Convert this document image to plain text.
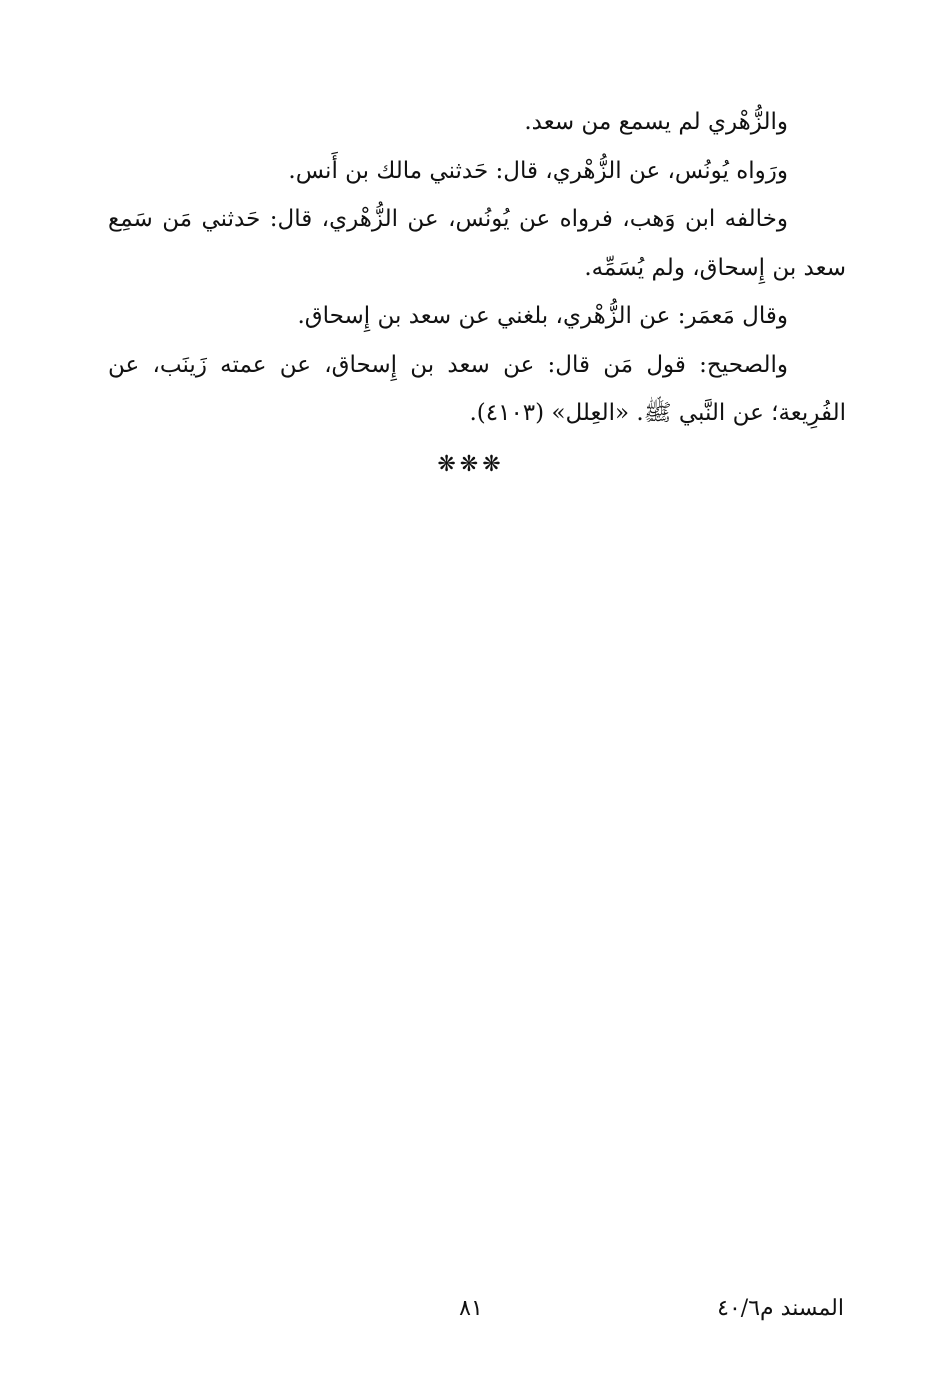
والزُّهْري لم يسمع من سعد.

ورَواه يُونُس، عن الزُّهْري، قال: حَدثني مالك بن أَنس.

وخالفه ابن وَهب، فرواه عن يُونُس، عن الزُّهْري، قال: حَدثني مَن سَمِع سعد بن إِسحاق، ولم يُسَمِّه.

وقال مَعمَر: عن الزُّهْري، بلغني عن سعد بن إِسحاق.

والصحيح: قول مَن قال: عن سعد بن إِسحاق، عن عمته زَينَب، عن الفُرِيعة؛ عن النَّبي ﷺ. «العِلل» (٤١٠٣).

❋❋❋
المسند م٤٠/٦
٨١
